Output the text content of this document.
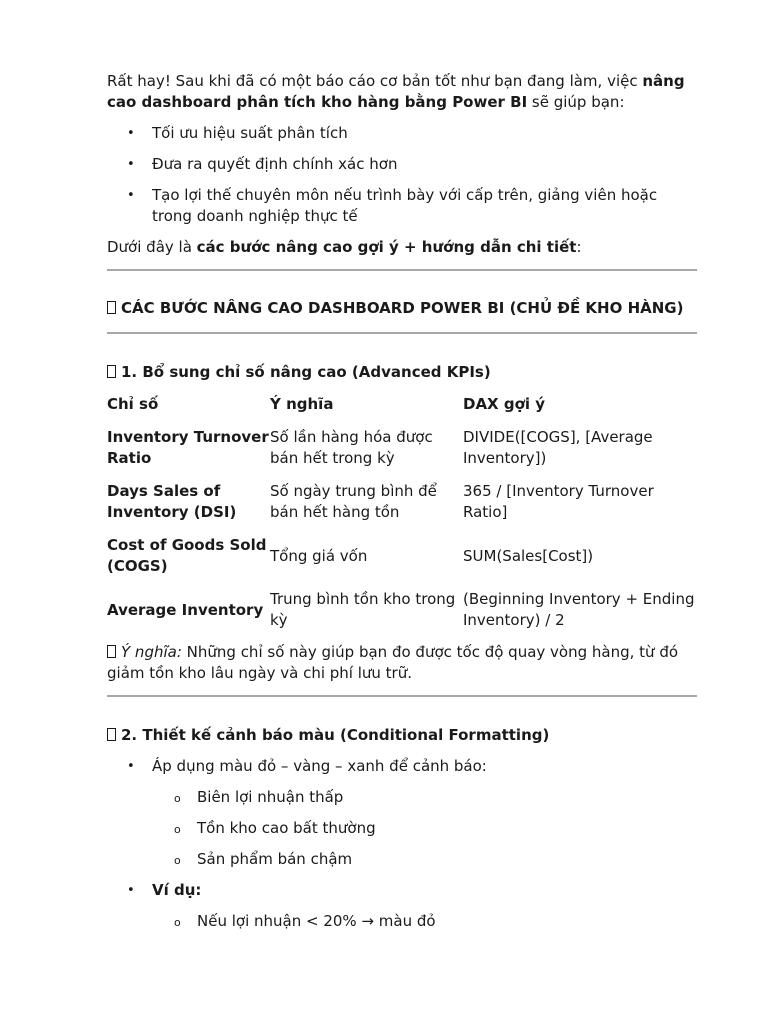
Rất hay! Sau khi đã có một báo cáo cơ bản tốt như bạn đang làm, việc nâng cao dashboard phân tích kho hàng bằng Power BI sẽ giúp bạn:

• Tối ưu hiệu suất phân tích
• Đưa ra quyết định chính xác hơn
• Tạo lợi thế chuyên môn nếu trình bày với cấp trên, giảng viên hoặc trong doanh nghiệp thực tế

Dưới đây là các bước nâng cao gợi ý + hướng dẫn chi tiết:

CÁC BƯỚC NÂNG CAO DASHBOARD POWER BI (CHỦ ĐỀ KHO HÀNG)

1. Bổ sung chỉ số nâng cao (Advanced KPIs)

Chỉ số	Ý nghĩa	DAX gợi ý

Inventory Turnover Ratio	Số lần hàng hóa được bán hết trong kỳ	DIVIDE([COGS], [Average Inventory])

Days Sales of Inventory (DSI)	Số ngày trung bình để bán hết hàng tồn	365 / [Inventory Turnover Ratio]

Cost of Goods Sold (COGS)	Tổng giá vốn	SUM(Sales[Cost])

Average Inventory	Trung bình tồn kho trong kỳ	(Beginning Inventory + Ending Inventory) / 2

Ý nghĩa: Những chỉ số này giúp bạn đo được tốc độ quay vòng hàng, từ đó giảm tồn kho lâu ngày và chi phí lưu trữ.

2. Thiết kế cảnh báo màu (Conditional Formatting)

• Áp dụng màu đỏ – vàng – xanh để cảnh báo:
o Biên lợi nhuận thấp
o Tồn kho cao bất thường
o Sản phẩm bán chậm
• Ví dụ:
o Nếu lợi nhuận < 20% → màu đỏ
